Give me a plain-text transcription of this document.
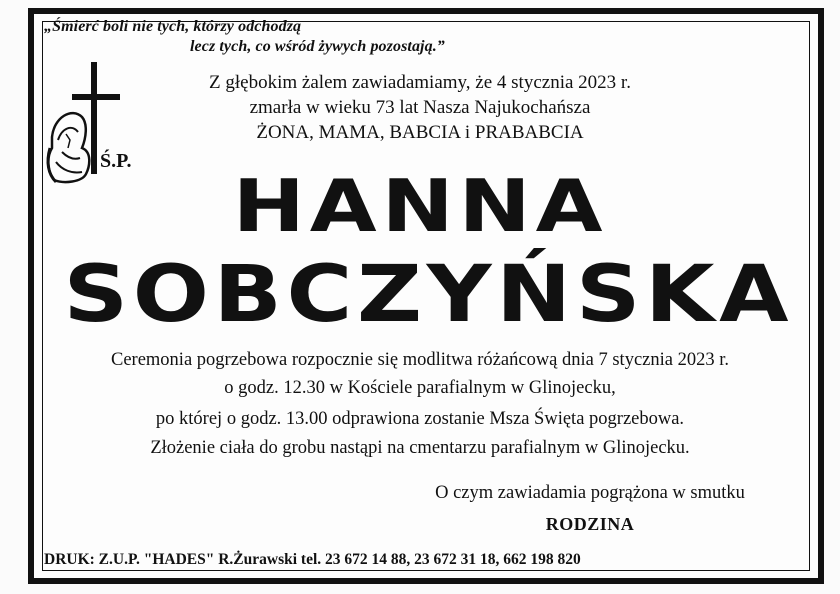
„Śmierć boli nie tych, którzy odchodzą
lecz tych, co wśród żywych pozostają.”
Ś.P.
Z głębokim żalem zawiadamiamy, że 4 stycznia 2023 r.
zmarła w wieku 73 lat Nasza Najukochańsza
ŻONA, MAMA, BABCIA i PRABABCIA
HANNA
SOBCZYŃSKA
Ceremonia pogrzebowa rozpocznie się modlitwa różańcową dnia 7 stycznia 2023 r.
o godz. 12.30 w Kościele parafialnym w Glinojecku,
po której o godz. 13.00 odprawiona zostanie Msza Święta pogrzebowa.
Złożenie ciała do grobu nastąpi na cmentarzu parafialnym w Glinojecku.
O czym zawiadamia pogrążona w smutku
RODZINA
DRUK: Z.U.P. "HADES" R.Żurawski tel. 23 672 14 88, 23 672 31 18, 662 198 820
